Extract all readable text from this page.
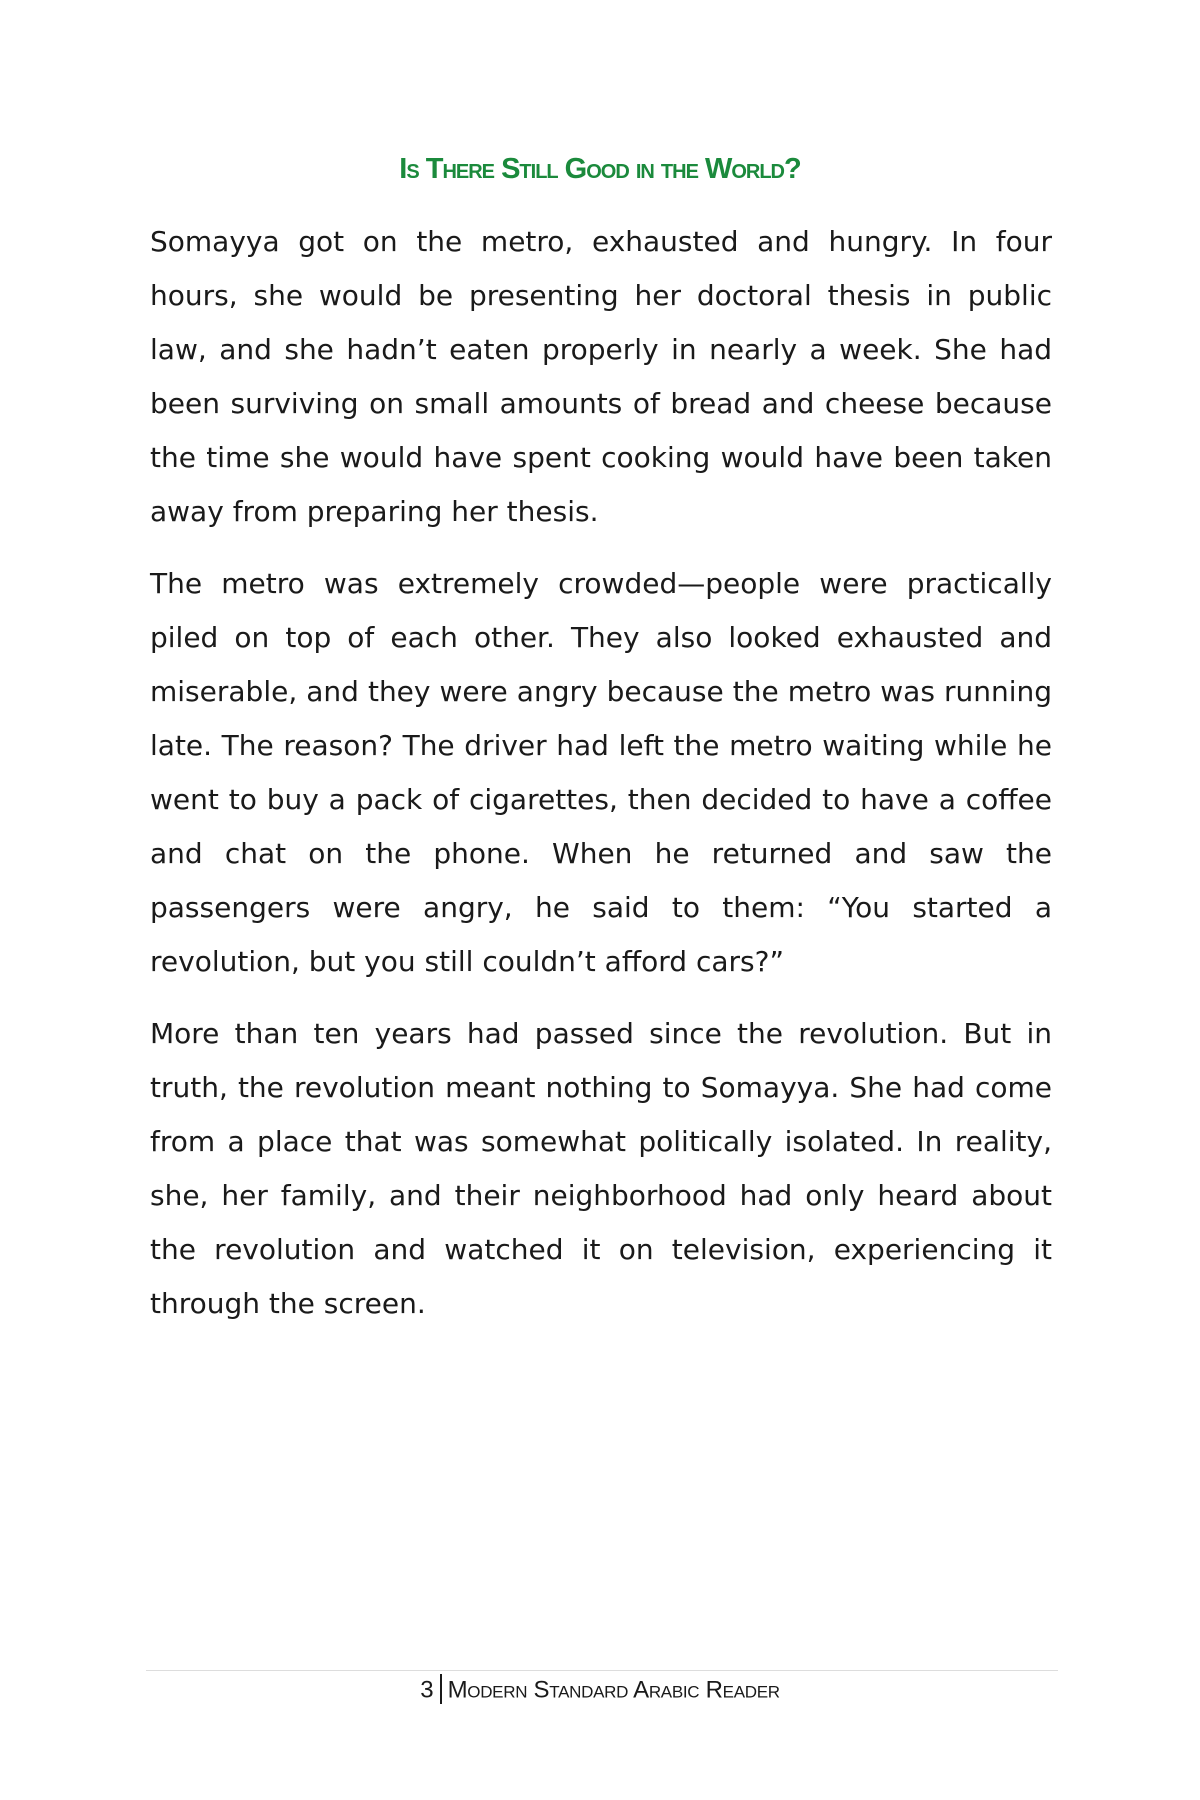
Is There Still Good in the World?

Somayya got on the metro, exhausted and hungry. In four hours, she would be presenting her doctoral thesis in public law, and she hadn’t eaten properly in nearly a week. She had been surviving on small amounts of bread and cheese because the time she would have spent cooking would have been taken away from preparing her thesis.

The metro was extremely crowded—people were practically piled on top of each other. They also looked exhausted and miserable, and they were angry because the metro was running late. The reason? The driver had left the metro waiting while he went to buy a pack of cigarettes, then decided to have a coffee and chat on the phone. When he returned and saw the passengers were angry, he said to them: “You started a revolution, but you still couldn’t afford cars?”

More than ten years had passed since the revolution. But in truth, the revolution meant nothing to Somayya. She had come from a place that was somewhat politically isolated. In reality, she, her family, and their neighborhood had only heard about the revolution and watched it on television, experiencing it through the screen.

3 Modern Standard Arabic Reader
